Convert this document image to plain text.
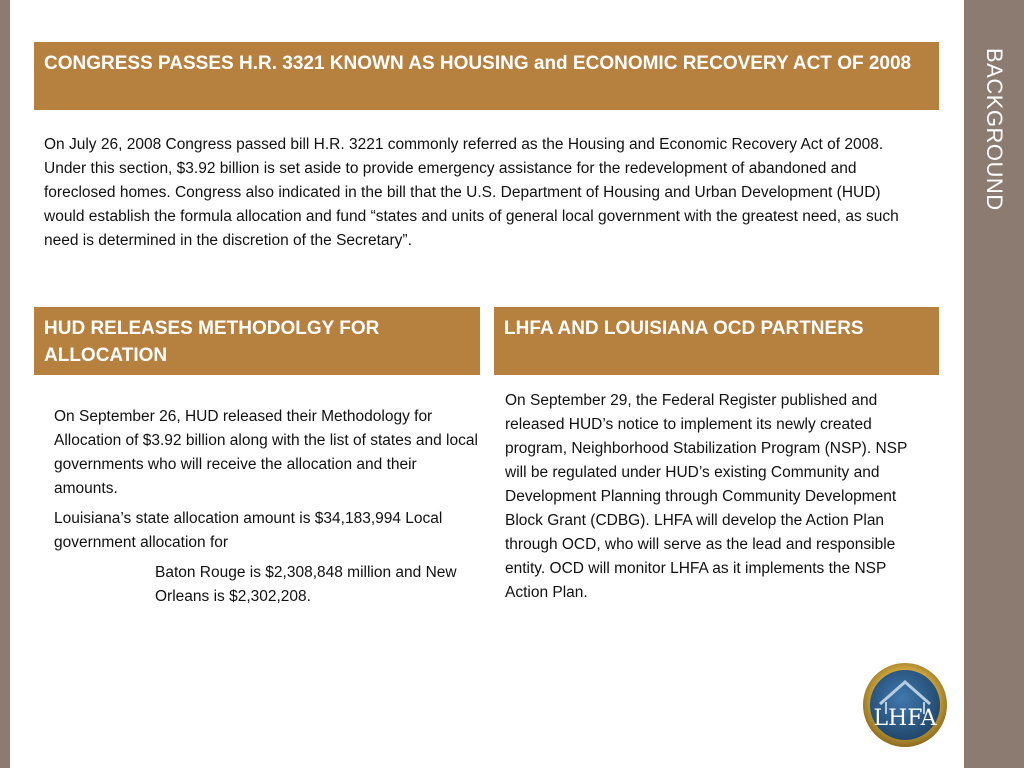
BACKGROUND
CONGRESS PASSES H.R. 3321 KNOWN AS HOUSING and ECONOMIC RECOVERY ACT OF 2008

On July 26, 2008 Congress passed bill H.R. 3221 commonly referred as the Housing and Economic Recovery Act of 2008. Under this section, $3.92 billion is set aside to provide emergency assistance for the redevelopment of abandoned and foreclosed homes. Congress also indicated in the bill that the U.S. Department of Housing and Urban Development (HUD) would establish the formula allocation and fund “states and units of general local government with the greatest need, as such need is determined in the discretion of the Secretary”.

HUD RELEASES METHODOLGY FOR ALLOCATION

On September 26, HUD released their Methodology for Allocation of $3.92 billion along with the list of states and local governments who will receive the allocation and their amounts.

Louisiana’s state allocation amount is $34,183,994 Local government allocation for

Baton Rouge is $2,308,848 million and New Orleans is $2,302,208.

LHFA AND LOUISIANA OCD PARTNERS

On September 29, the Federal Register published and released HUD’s notice to implement its newly created program, Neighborhood Stabilization Program (NSP). NSP will be regulated under HUD’s existing Community and Development Planning through Community Development Block Grant (CDBG). LHFA will develop the Action Plan through OCD, who will serve as the lead and responsible entity. OCD will monitor LHFA as it implements the NSP Action Plan.

LHFA
